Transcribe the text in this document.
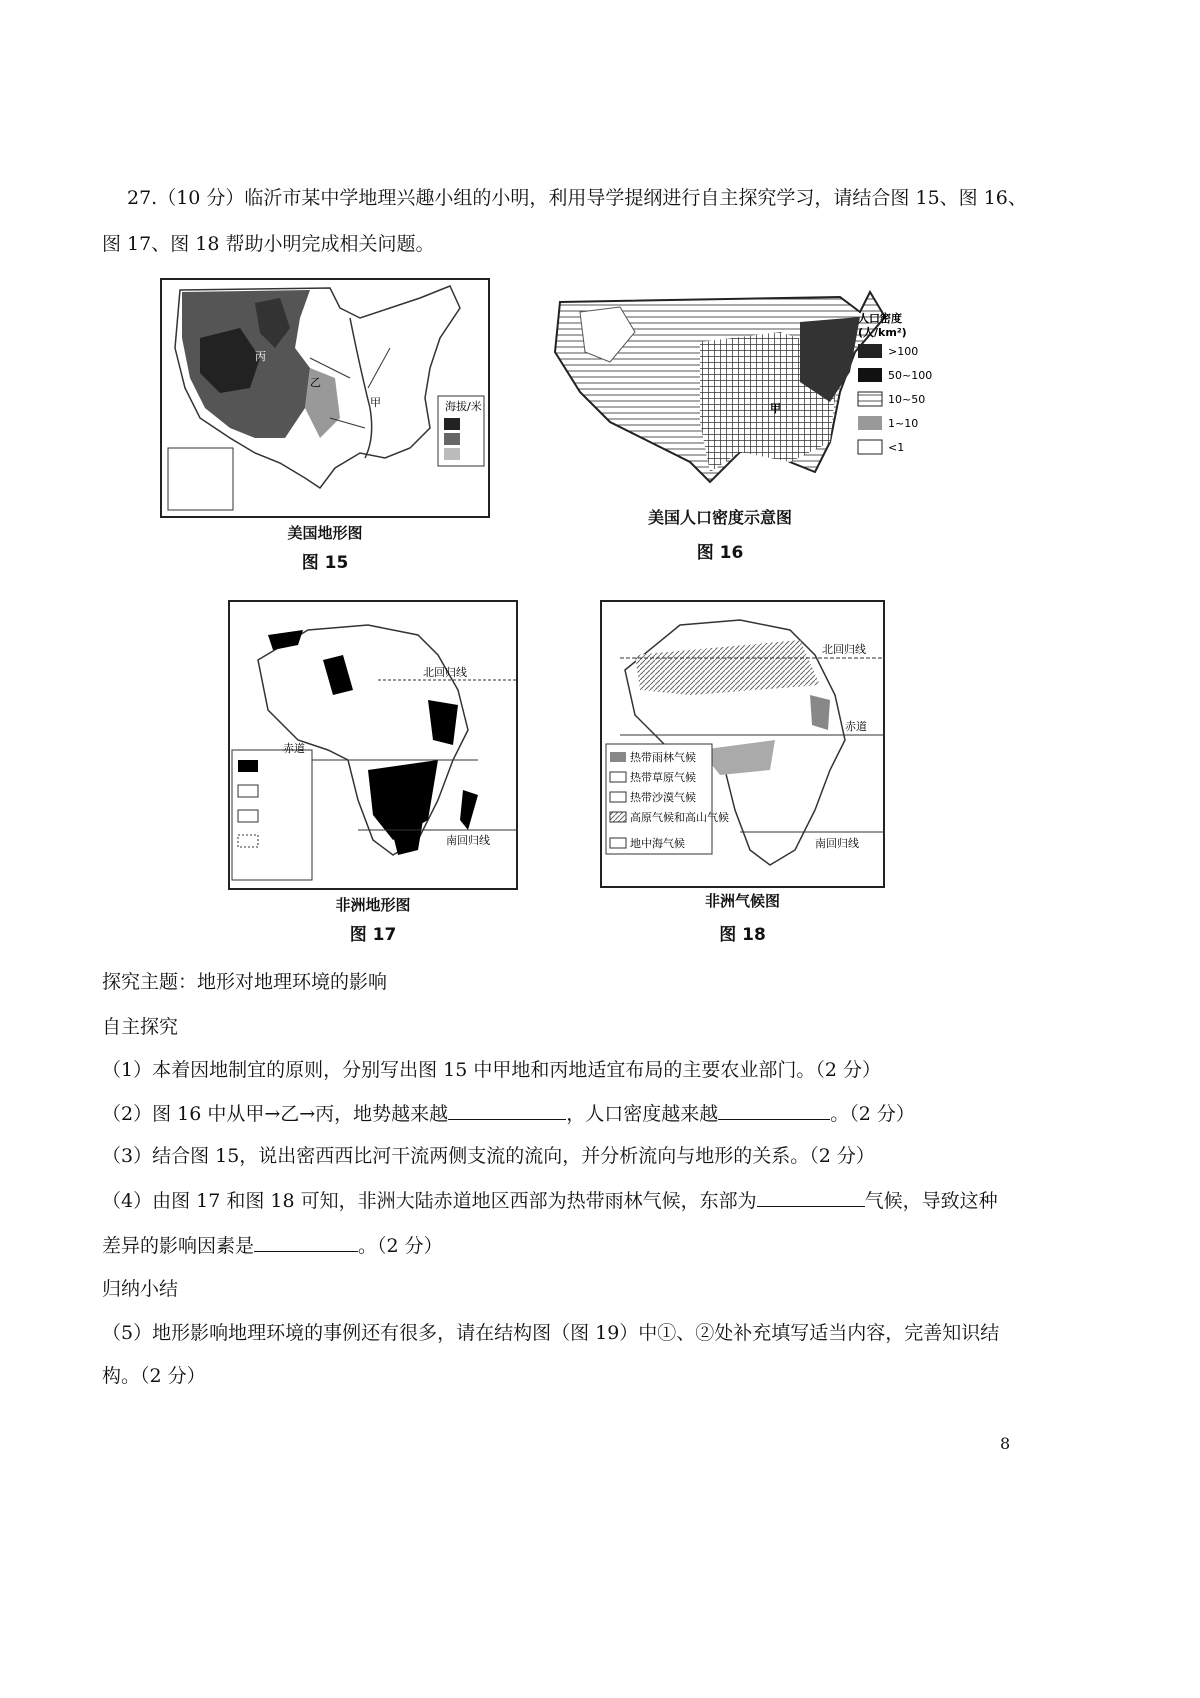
27.（10 分）临沂市某中学地理兴趣小组的小明，利用导学提纲进行自主探究学习，请结合图 15、图 16、
图 17、图 18 帮助小明完成相关问题。
海拔/米
丙
乙
甲
美国地形图
图 15
人口密度
(人/km²)
>100
50~100
10~50
1~10
<1
甲
美国人口密度示意图
图 16
北回归线
赤道
南回归线
非洲地形图
图 17
热带雨林气候
热带草原气候
热带沙漠气候
高原气候和高山气候
地中海气候
北回归线
赤道
南回归线
非洲气候图
图 18
探究主题：地形对地理环境的影响
自主探究
（1）本着因地制宜的原则，分别写出图 15 中甲地和丙地适宜布局的主要农业部门。（2 分）
（2）图 16 中从甲→乙→丙，地势越来越	，人口密度越来越	。（2 分）
（3）结合图 15，说出密西西比河干流两侧支流的流向，并分析流向与地形的关系。（2 分）
（4）由图 17 和图 18 可知，非洲大陆赤道地区西部为热带雨林气候，东部为	气候，导致这种
差异的影响因素是	。（2 分）
归纳小结
（5）地形影响地理环境的事例还有很多，请在结构图（图 19）中①、②处补充填写适当内容，完善知识结
构。（2 分）
8
